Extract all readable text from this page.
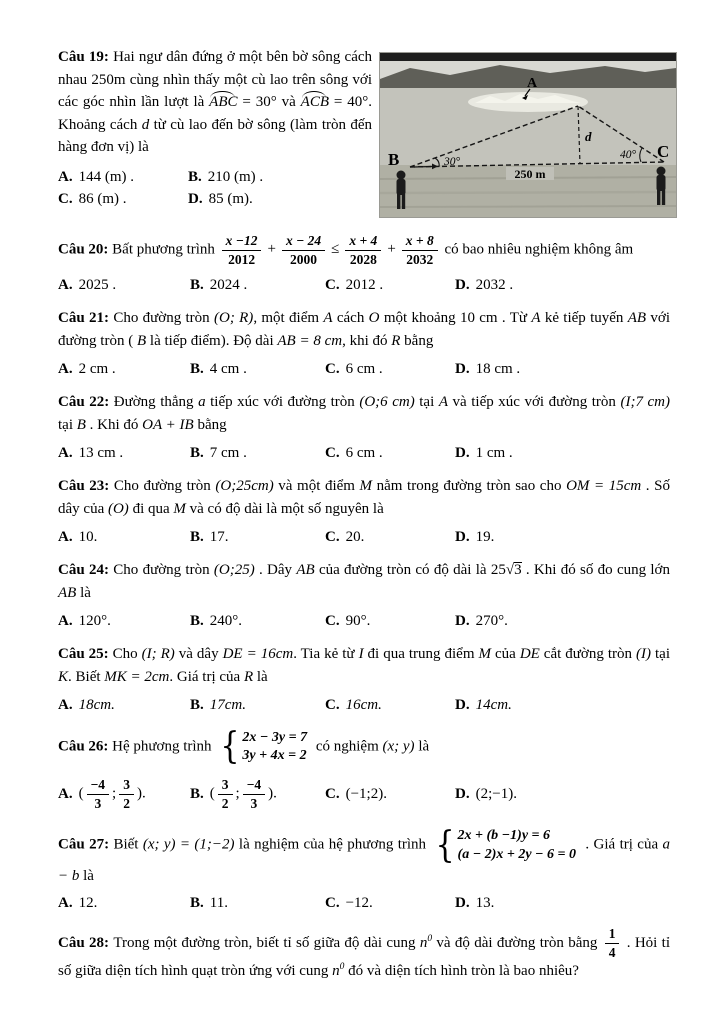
Câu 19: Hai ngư dân đứng ở một bên bờ sông cách nhau 250m cùng nhìn thấy một cù lao trên sông với các góc nhìn lần lượt là ABC = 30° và ACB = 40°. Khoảng cách d từ cù lao đến bờ sông (làm tròn đến hàng đơn vị) là
A. 144 (m) .	B. 210 (m) .
C. 86 (m) .	D. 85 (m).
A
B	C
d
30°
40°
250 m
Câu 20: Bất phương trình $\frac{x -12}{2012} + \frac{x - 24}{2000} \le \frac{x + 4}{2028} + \frac{x + 8}{2032}$ có bao nhiêu nghiệm không âm
A. 2025 .	B. 2024 .	C. 2012 .	D. 2032 .
Câu 21: Cho đường tròn (O; R), một điểm A cách O một khoảng 10 cm . Từ A kẻ tiếp tuyến AB với đường tròn ( B là tiếp điểm). Độ dài AB = 8 cm, khi đó R bằng
A. 2 cm .	B. 4 cm .	C. 6 cm .	D. 18 cm .
Câu 22: Đường thẳng a tiếp xúc với đường tròn (O;6 cm) tại A và tiếp xúc với đường tròn (I;7 cm) tại B . Khi đó OA + IB bằng
A. 13 cm .	B. 7 cm .	C. 6 cm .	D. 1 cm .
Câu 23: Cho đường tròn (O;25cm) và một điểm M nằm trong đường tròn sao cho OM = 15cm . Số dây của (O) đi qua M và có độ dài là một số nguyên là
A. 10.	B. 17.	C. 20.	D. 19.
Câu 24: Cho đường tròn (O;25) . Dây AB của đường tròn có độ dài là 25√3 . Khi đó số đo cung lớn AB là
A. 120°.	B. 240°.	C. 90°.	D. 270°.
Câu 25: Cho (I; R) và dây DE = 16cm. Tia kẻ từ I đi qua trung điểm M của DE cắt đường tròn (I) tại K. Biết MK = 2cm. Giá trị của R là
A. 18cm.	B. 17cm.	C. 16cm.	D. 14cm.
Câu 26: Hệ phương trình { 2x − 3y = 7
3y + 4x = 2
có nghiệm (x; y) là
A. ( $\frac{-4}{3}$ ; $\frac{3}{2}$ ).	B. ( $\frac{3}{2}$ ; $\frac{-4}{3}$ ).	C. (−1;2).	D. (2;−1).
Câu 27: Biết (x; y) = (1;−2) là nghiệm của hệ phương trình { 2x + (b −1)y = 6
(a − 2)x + 2y − 6 = 0
. Giá trị của a − b là
A. 12.	B. 11.	C. −12.	D. 13.
Câu 28: Trong một đường tròn, biết tỉ số giữa độ dài cung $n^0$ và độ dài đường tròn bằng $\frac{1}{4}$ . Hỏi tỉ số giữa diện tích hình quạt tròn ứng với cung $n^0$ đó và diện tích hình tròn là bao nhiêu?
